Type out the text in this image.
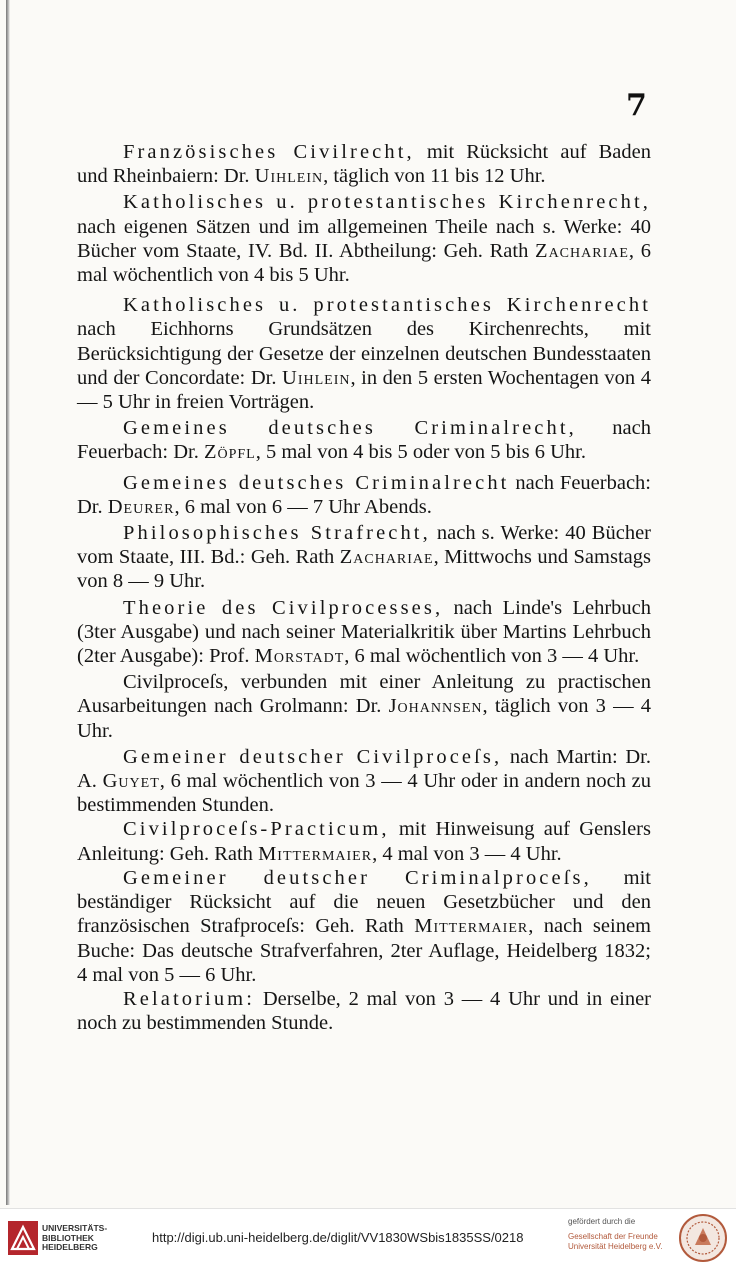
7

Französisches Civilrecht, mit Rücksicht auf Baden und Rheinbaiern: Dr. Uihlein, täglich von 11 bis 12 Uhr.

Katholisches u. protestantisches Kirchenrecht, nach eigenen Sätzen und im allgemeinen Theile nach s. Werke: 40 Bücher vom Staate, IV. Bd. II. Abtheilung: Geh. Rath Zachariae, 6 mal wöchentlich von 4 bis 5 Uhr.

Katholisches u. protestantisches Kirchenrecht nach Eichhorns Grundsätzen des Kirchenrechts, mit Berücksichtigung der Gesetze der einzelnen deutschen Bundesstaaten und der Concordate: Dr. Uihlein, in den 5 ersten Wochentagen von 4 — 5 Uhr in freien Vorträgen.

Gemeines deutsches Criminalrecht, nach Feuerbach: Dr. Zöpfl, 5 mal von 4 bis 5 oder von 5 bis 6 Uhr.

Gemeines deutsches Criminalrecht nach Feuerbach: Dr. Deurer, 6 mal von 6 — 7 Uhr Abends.

Philosophisches Strafrecht, nach s. Werke: 40 Bücher vom Staate, III. Bd.: Geh. Rath Zachariae, Mittwochs und Samstags von 8 — 9 Uhr.

Theorie des Civilprocesses, nach Linde's Lehrbuch (3ter Ausgabe) und nach seiner Materialkritik über Martins Lehrbuch (2ter Ausgabe): Prof. Morstadt, 6 mal wöchentlich von 3 — 4 Uhr.

Civilproceſs, verbunden mit einer Anleitung zu practischen Ausarbeitungen nach Grolmann: Dr. Johannsen, täglich von 3 — 4 Uhr.

Gemeiner deutscher Civilproceſs, nach Martin: Dr. A. Guyet, 6 mal wöchentlich von 3 — 4 Uhr oder in andern noch zu bestimmenden Stunden.

Civilproceſs-Practicum, mit Hinweisung auf Genslers Anleitung: Geh. Rath Mittermaier, 4 mal von 3 — 4 Uhr.

Gemeiner deutscher Criminalproceſs, mit beständiger Rücksicht auf die neuen Gesetzbücher und den französischen Strafproceſs: Geh. Rath Mittermaier, nach seinem Buche: Das deutsche Strafverfahren, 2ter Auflage, Heidelberg 1832; 4 mal von 5 — 6 Uhr.

Relatorium: Derselbe, 2 mal von 3 — 4 Uhr und in einer noch zu bestimmenden Stunde.

UNIVERSITÄTS-
BIBLIOTHEK
HEIDELBERG
http://digi.ub.uni-heidelberg.de/diglit/VV1830WSbis1835SS/0218
gefördert durch die
Gesellschaft der Freunde
Universität Heidelberg e.V.
